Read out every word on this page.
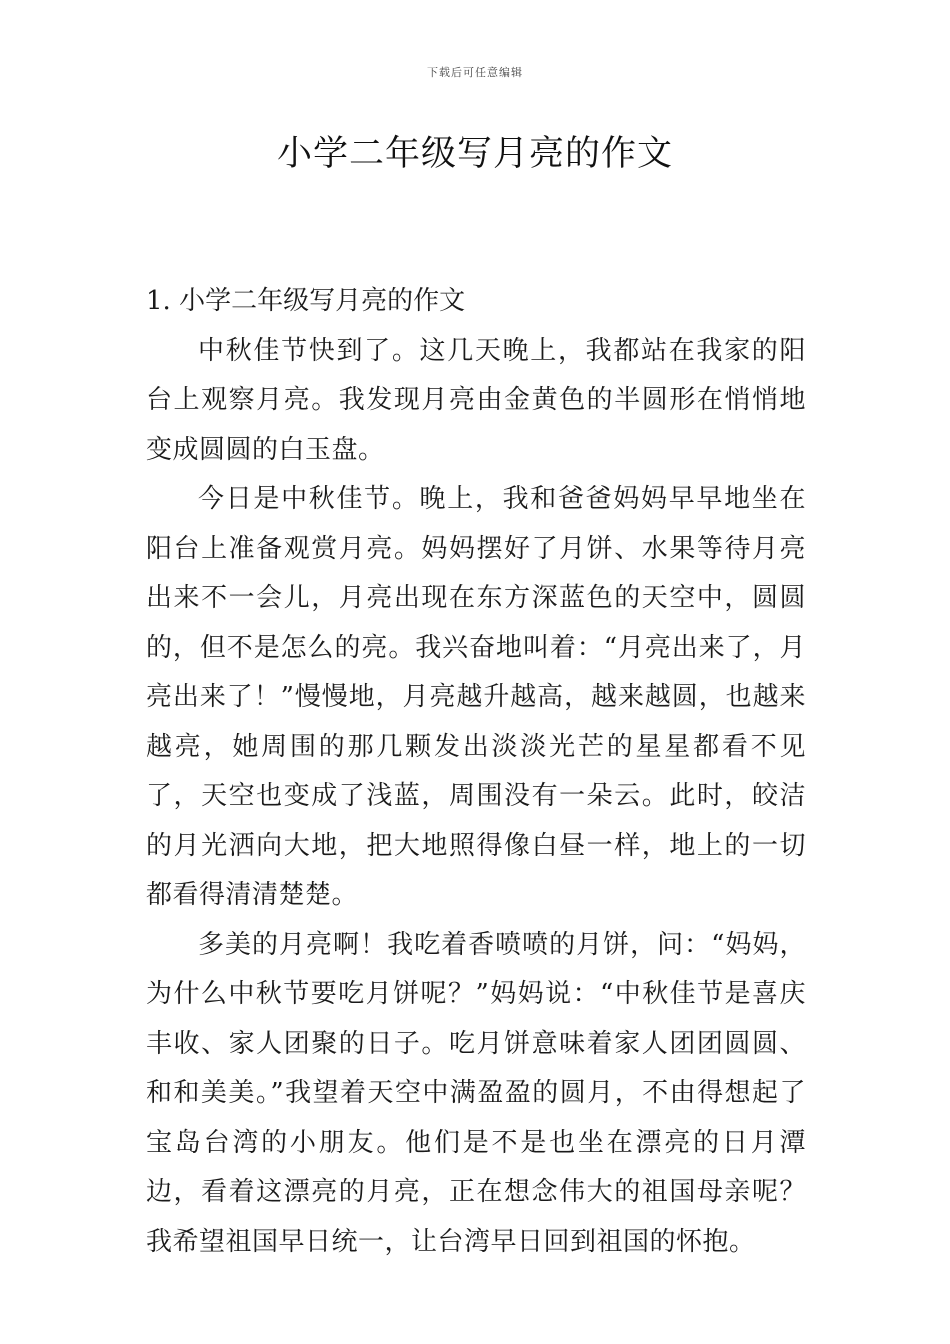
下载后可任意编辑
小学二年级写月亮的作文
1. 小学二年级写月亮的作文

中秋佳节快到了。这几天晚上，我都站在我家的阳台上观察月亮。我发现月亮由金黄色的半圆形在悄悄地变成圆圆的白玉盘。

今日是中秋佳节。晚上，我和爸爸妈妈早早地坐在阳台上准备观赏月亮。妈妈摆好了月饼、水果等待月亮出来不一会儿，月亮出现在东方深蓝色的天空中，圆圆的，但不是怎么的亮。我兴奋地叫着：“月亮出来了，月亮出来了！”慢慢地，月亮越升越高，越来越圆，也越来越亮，她周围的那几颗发出淡淡光芒的星星都看不见了，天空也变成了浅蓝，周围没有一朵云。此时，皎洁的月光洒向大地，把大地照得像白昼一样，地上的一切都看得清清楚楚。

多美的月亮啊！我吃着香喷喷的月饼，问：“妈妈，为什么中秋节要吃月饼呢？”妈妈说：“中秋佳节是喜庆丰收、家人团聚的日子。吃月饼意味着家人团团圆圆、和和美美。”我望着天空中满盈盈的圆月，不由得想起了宝岛台湾的小朋友。他们是不是也坐在漂亮的日月潭边，看着这漂亮的月亮，正在想念伟大的祖国母亲呢？我希望祖国早日统一，让台湾早日回到祖国的怀抱。
